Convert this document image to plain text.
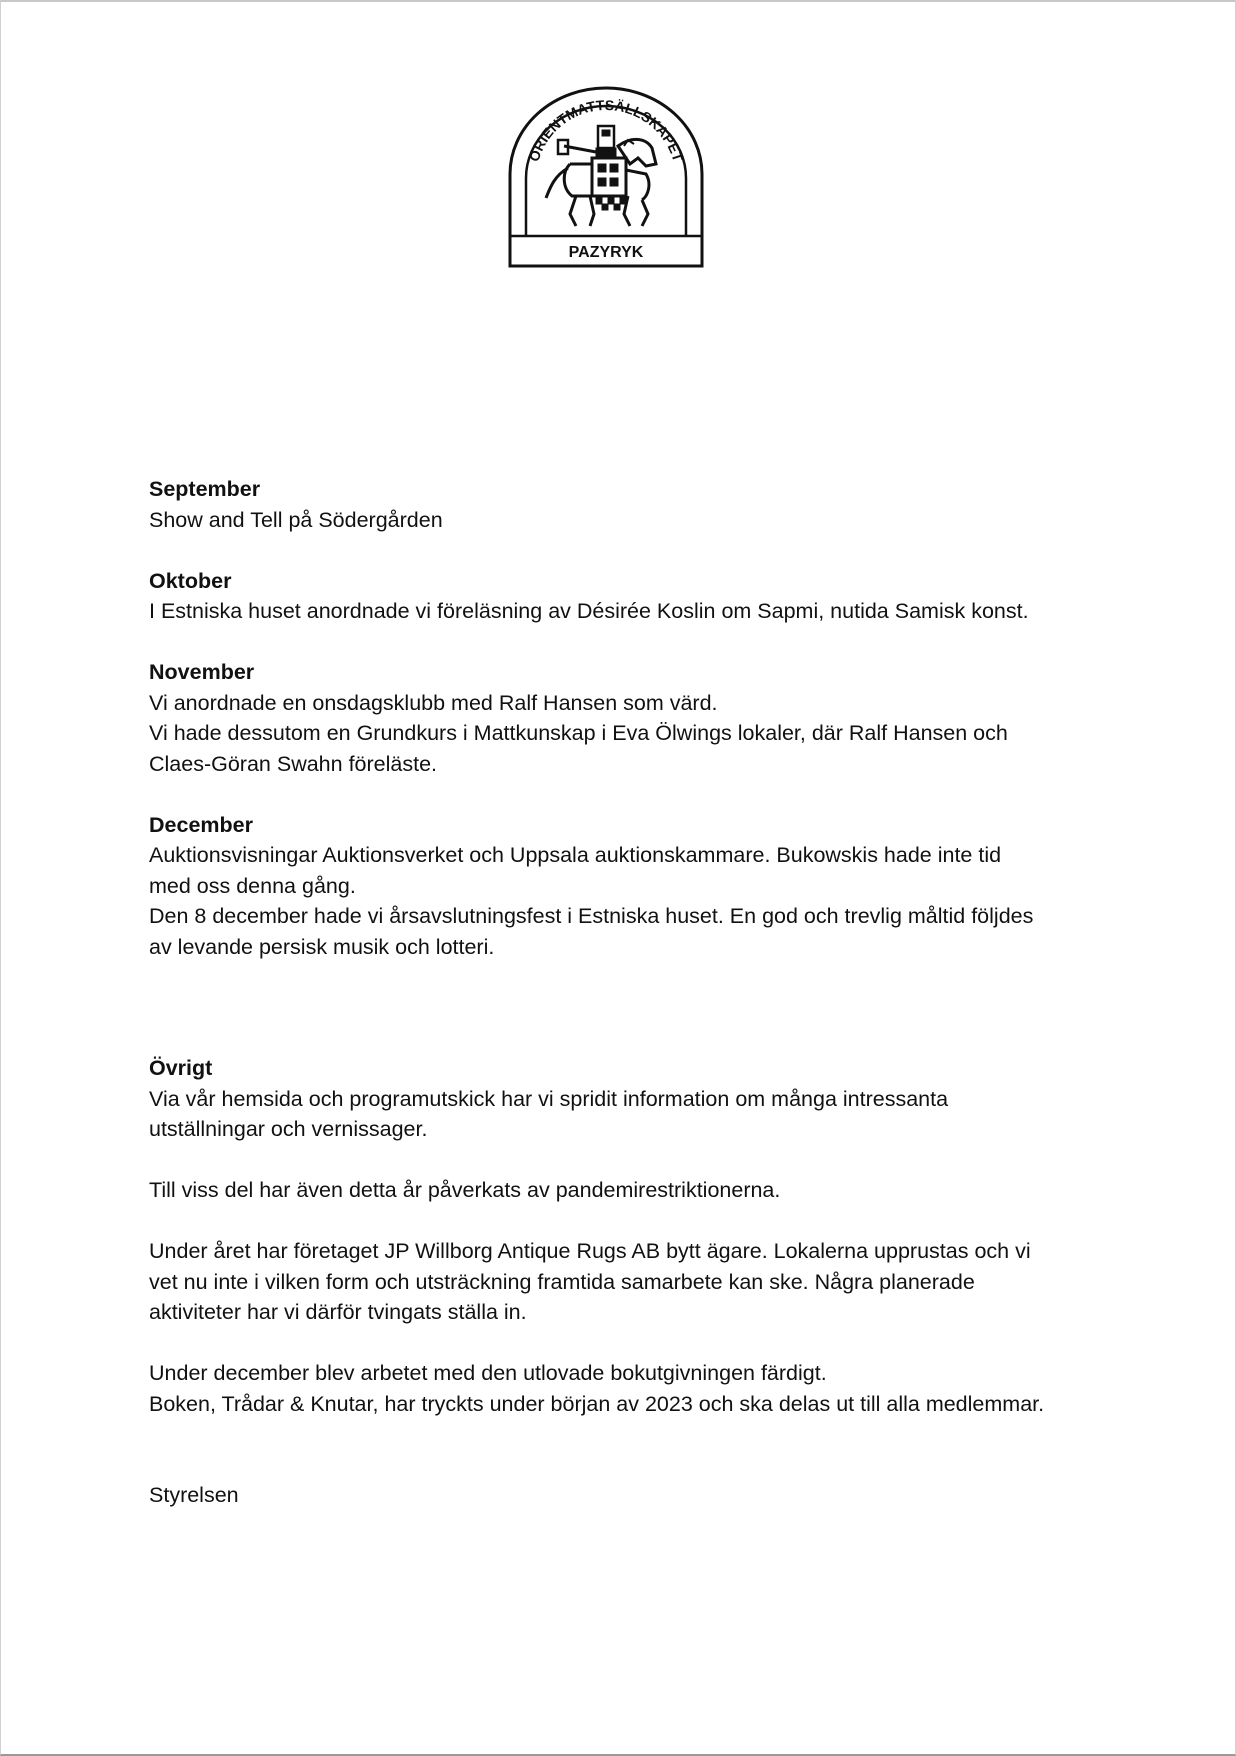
ORIENTMATTSÄLLSKAPET
PAZYRYK
September
Show and Tell på Södergården
Oktober
I Estniska huset anordnade vi föreläsning av Désirée Koslin om Sapmi, nutida Samisk konst.
November
Vi anordnade en onsdagsklubb med Ralf Hansen som värd.
Vi hade dessutom en Grundkurs i Mattkunskap i Eva Ölwings lokaler, där Ralf Hansen och
Claes-Göran Swahn föreläste.
December
Auktionsvisningar Auktionsverket och Uppsala auktionskammare. Bukowskis hade inte tid
med oss denna gång.
Den 8 december hade vi årsavslutningsfest i Estniska huset. En god och trevlig måltid följdes
av levande persisk musik och lotteri.
Övrigt
Via vår hemsida och programutskick har vi spridit information om många intressanta
utställningar och vernissager.
Till viss del har även detta år påverkats av pandemirestriktionerna.
Under året har företaget JP Willborg Antique Rugs AB bytt ägare. Lokalerna upprustas och vi
vet nu inte i vilken form och utsträckning framtida samarbete kan ske. Några planerade
aktiviteter har vi därför tvingats ställa in.
Under december blev arbetet med den utlovade bokutgivningen färdigt.
Boken, Trådar & Knutar, har tryckts under början av 2023 och ska delas ut till alla medlemmar.
Styrelsen
